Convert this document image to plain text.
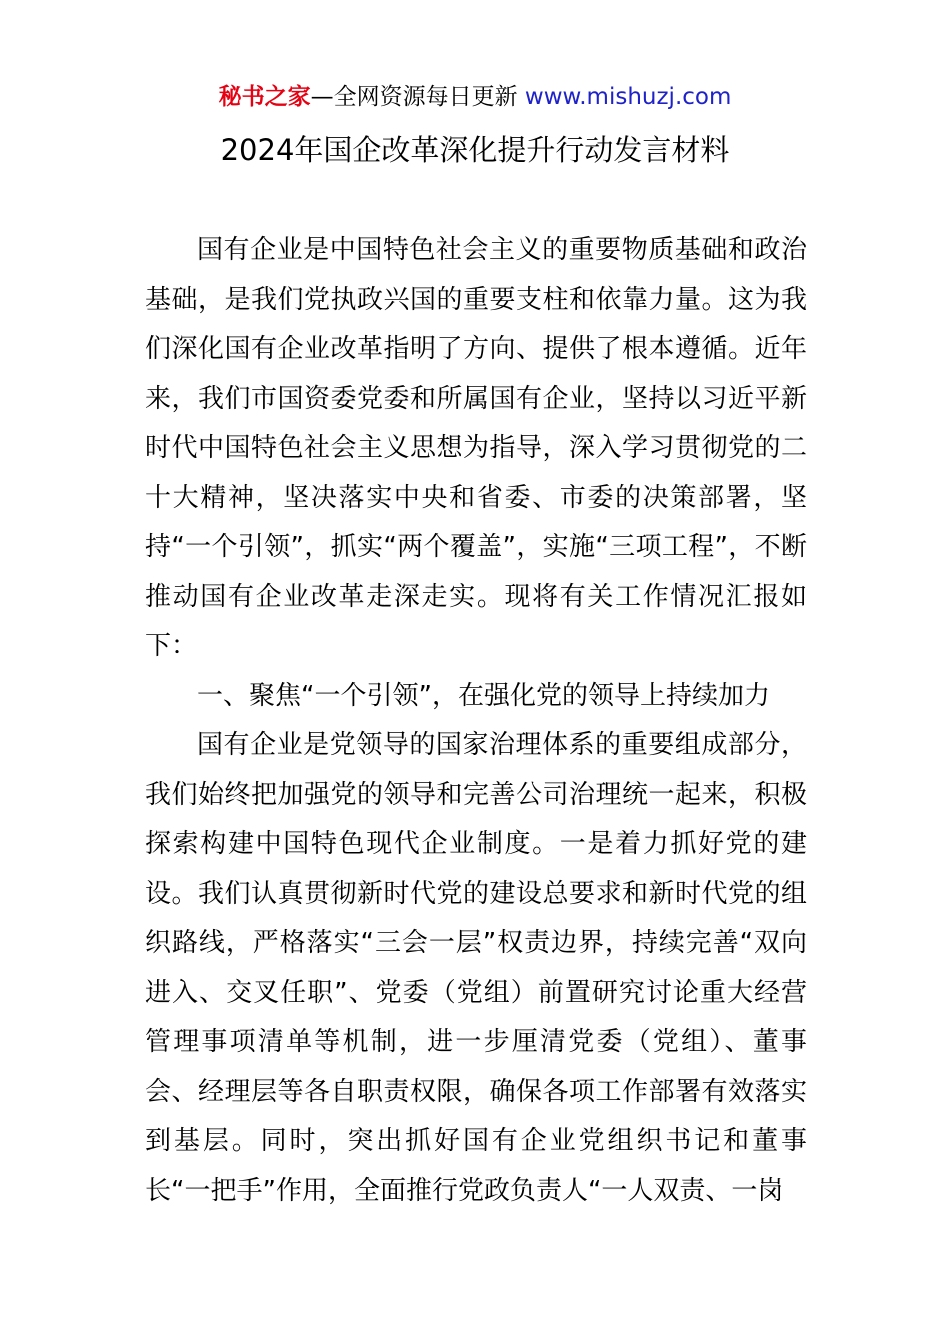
秘书之家—全网资源每日更新 www.mishuzj.com
2024年国企改革深化提升行动发言材料

国有企业是中国特色社会主义的重要物质基础和政治基础，是我们党执政兴国的重要支柱和依靠力量。这为我们深化国有企业改革指明了方向、提供了根本遵循。近年来，我们市国资委党委和所属国有企业，坚持以习近平新时代中国特色社会主义思想为指导，深入学习贯彻党的二十大精神，坚决落实中央和省委、市委的决策部署，坚持“一个引领”，抓实“两个覆盖”，实施“三项工程”，不断推动国有企业改革走深走实。现将有关工作情况汇报如下：

一、聚焦“一个引领”，在强化党的领导上持续加力

国有企业是党领导的国家治理体系的重要组成部分，我们始终把加强党的领导和完善公司治理统一起来，积极探索构建中国特色现代企业制度。一是着力抓好党的建设。我们认真贯彻新时代党的建设总要求和新时代党的组织路线，严格落实“三会一层”权责边界，持续完善“双向进入、交叉任职”、党委（党组）前置研究讨论重大经营管理事项清单等机制，进一步厘清党委（党组）、董事会、经理层等各自职责权限，确保各项工作部署有效落实到基层。同时，突出抓好国有企业党组织书记和董事长“一把手”作用，全面推行党政负责人“一人双责、一岗
